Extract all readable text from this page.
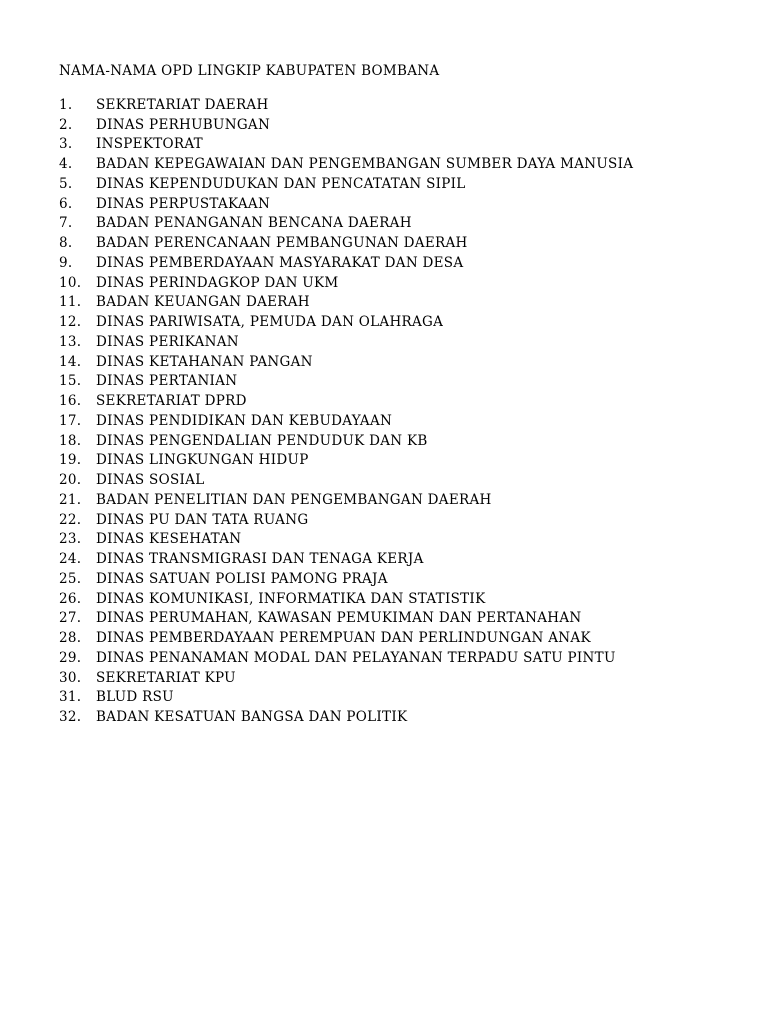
NAMA-NAMA OPD LINGKIP KABUPATEN BOMBANA
1.	SEKRETARIAT DAERAH
2.	DINAS PERHUBUNGAN
3.	INSPEKTORAT
4.	BADAN KEPEGAWAIAN DAN PENGEMBANGAN SUMBER DAYA MANUSIA
5.	DINAS KEPENDUDUKAN DAN PENCATATAN SIPIL
6.	DINAS PERPUSTAKAAN
7.	BADAN PENANGANAN BENCANA DAERAH
8.	BADAN PERENCANAAN PEMBANGUNAN DAERAH
9.	DINAS PEMBERDAYAAN MASYARAKAT DAN DESA
10.	DINAS PERINDAGKOP DAN UKM
11.	BADAN KEUANGAN DAERAH
12.	DINAS PARIWISATA, PEMUDA DAN OLAHRAGA
13.	DINAS PERIKANAN
14.	DINAS KETAHANAN PANGAN
15.	DINAS PERTANIAN
16.	SEKRETARIAT DPRD
17.	DINAS PENDIDIKAN DAN KEBUDAYAAN
18.	DINAS PENGENDALIAN PENDUDUK DAN KB
19.	DINAS LINGKUNGAN HIDUP
20.	DINAS SOSIAL
21.	BADAN PENELITIAN DAN PENGEMBANGAN DAERAH
22.	DINAS PU DAN TATA RUANG
23.	DINAS KESEHATAN
24.	DINAS TRANSMIGRASI DAN TENAGA KERJA
25.	DINAS SATUAN POLISI PAMONG PRAJA
26.	DINAS KOMUNIKASI, INFORMATIKA DAN STATISTIK
27.	DINAS PERUMAHAN, KAWASAN PEMUKIMAN DAN PERTANAHAN
28.	DINAS PEMBERDAYAAN PEREMPUAN DAN PERLINDUNGAN ANAK
29.	DINAS PENANAMAN MODAL DAN PELAYANAN TERPADU SATU PINTU
30.	SEKRETARIAT KPU
31.	BLUD RSU
32.	BADAN KESATUAN BANGSA DAN POLITIK
